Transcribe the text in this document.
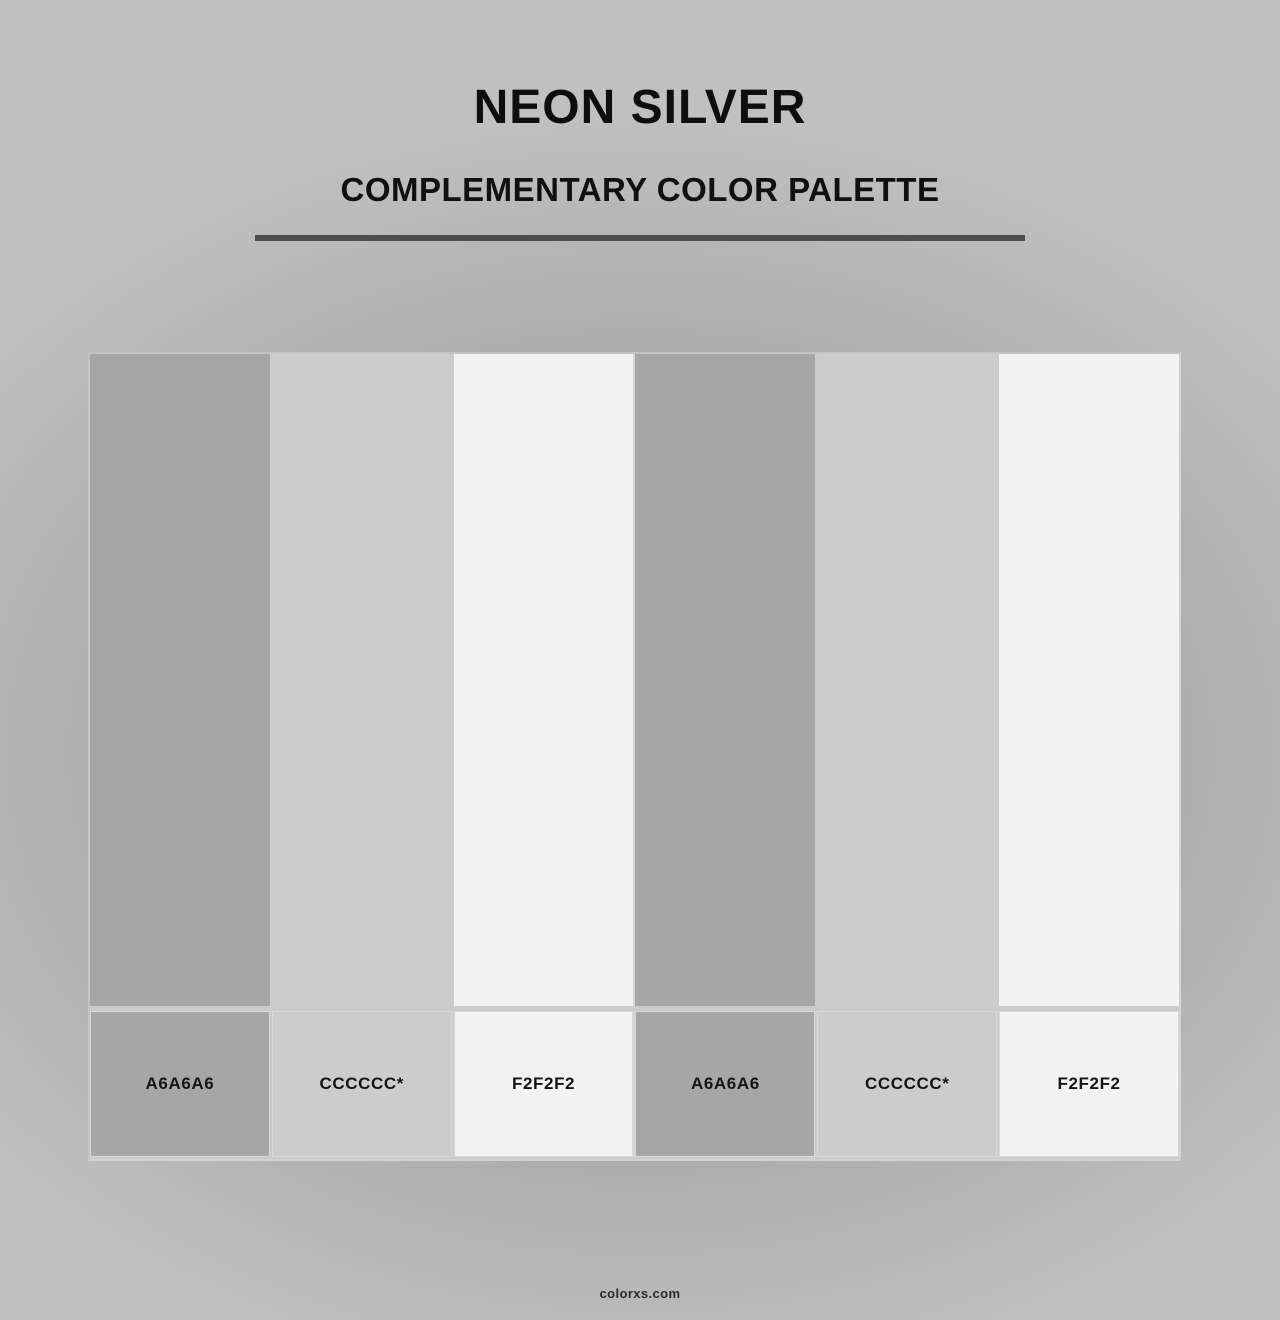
NEON SILVER
COMPLEMENTARY COLOR PALETTE
A6A6A6	CCCCCC*	F2F2F2	A6A6A6	CCCCCC*	F2F2F2
colorxs.com
